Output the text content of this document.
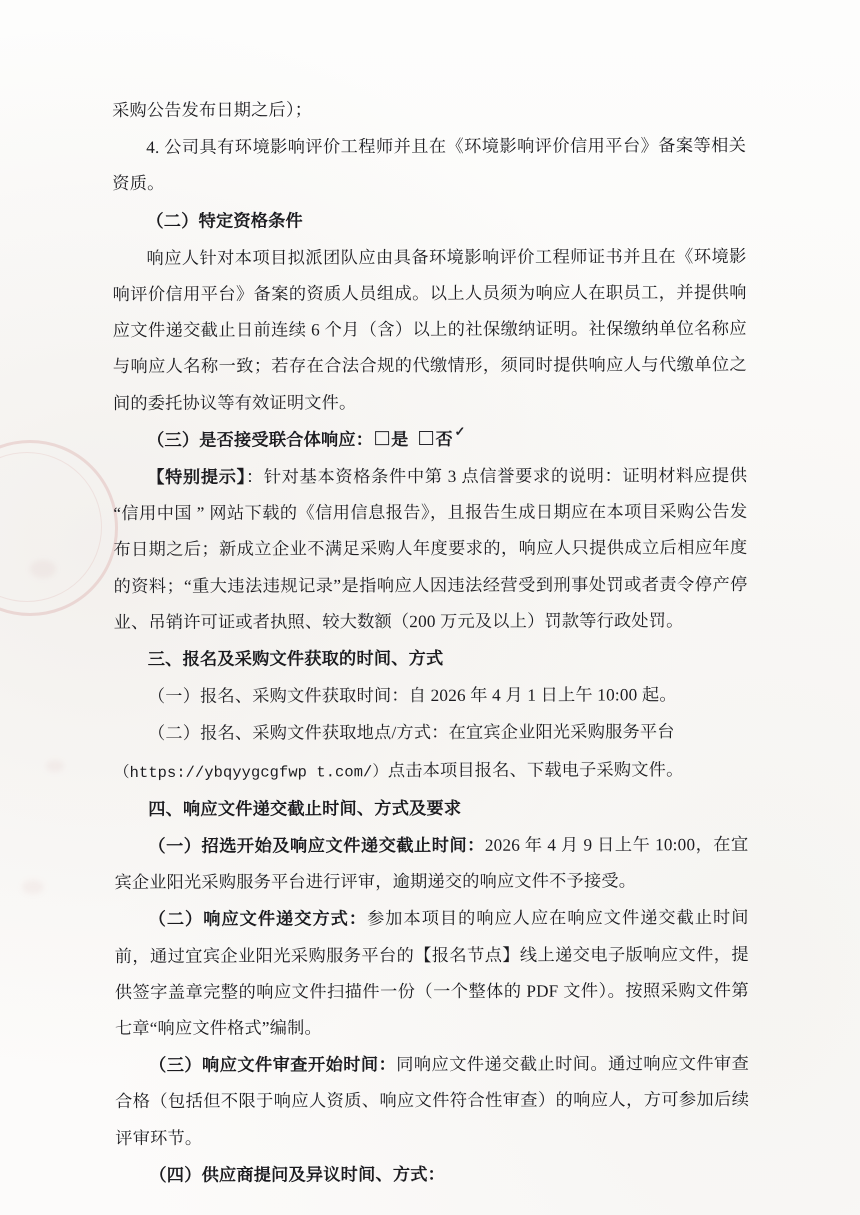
采购公告发布日期之后）；

4. 公司具有环境影响评价工程师并且在《环境影响评价信用平台》备案等相关资质。

（二）特定资格条件

响应人针对本项目拟派团队应由具备环境影响评价工程师证书并且在《环境影响评价信用平台》备案的资质人员组成。以上人员须为响应人在职员工，并提供响应文件递交截止日前连续 6 个月（含）以上的社保缴纳证明。社保缴纳单位名称应与响应人名称一致；若存在合法合规的代缴情形，须同时提供响应人与代缴单位之间的委托协议等有效证明文件。

（三）是否接受联合体响应： 是 ✓ 否

【特别提示】：针对基本资格条件中第 3 点信誉要求的说明：证明材料应提供“信用中国 ” 网站下载的《信用信息报告》，且报告生成日期应在本项目采购公告发布日期之后；新成立企业不满足采购人年度要求的，响应人只提供成立后相应年度的资料；“重大违法违规记录”是指响应人因违法经营受到刑事处罚或者责令停产停业、吊销许可证或者执照、较大数额（200 万元及以上）罚款等行政处罚。

三、报名及采购文件获取的时间、方式

（一）报名、采购文件获取时间：自 2026 年 4 月 1 日上午 10:00 起。

（二）报名、采购文件获取地点/方式：在宜宾企业阳光采购服务平台

（https://ybqyygcgfwp t.com/）点击本项目报名、下载电子采购文件。

四、响应文件递交截止时间、方式及要求

（一）招选开始及响应文件递交截止时间：2026 年 4 月 9 日上午 10:00，在宜宾企业阳光采购服务平台进行评审，逾期递交的响应文件不予接受。

（二）响应文件递交方式：参加本项目的响应人应在响应文件递交截止时间前，通过宜宾企业阳光采购服务平台的【报名节点】线上递交电子版响应文件，提供签字盖章完整的响应文件扫描件一份（一个整体的 PDF 文件）。按照采购文件第七章“响应文件格式”编制。

（三）响应文件审查开始时间：同响应文件递交截止时间。通过响应文件审查合格（包括但不限于响应人资质、响应文件符合性审查）的响应人，方可参加后续评审环节。

（四）供应商提问及异议时间、方式：
